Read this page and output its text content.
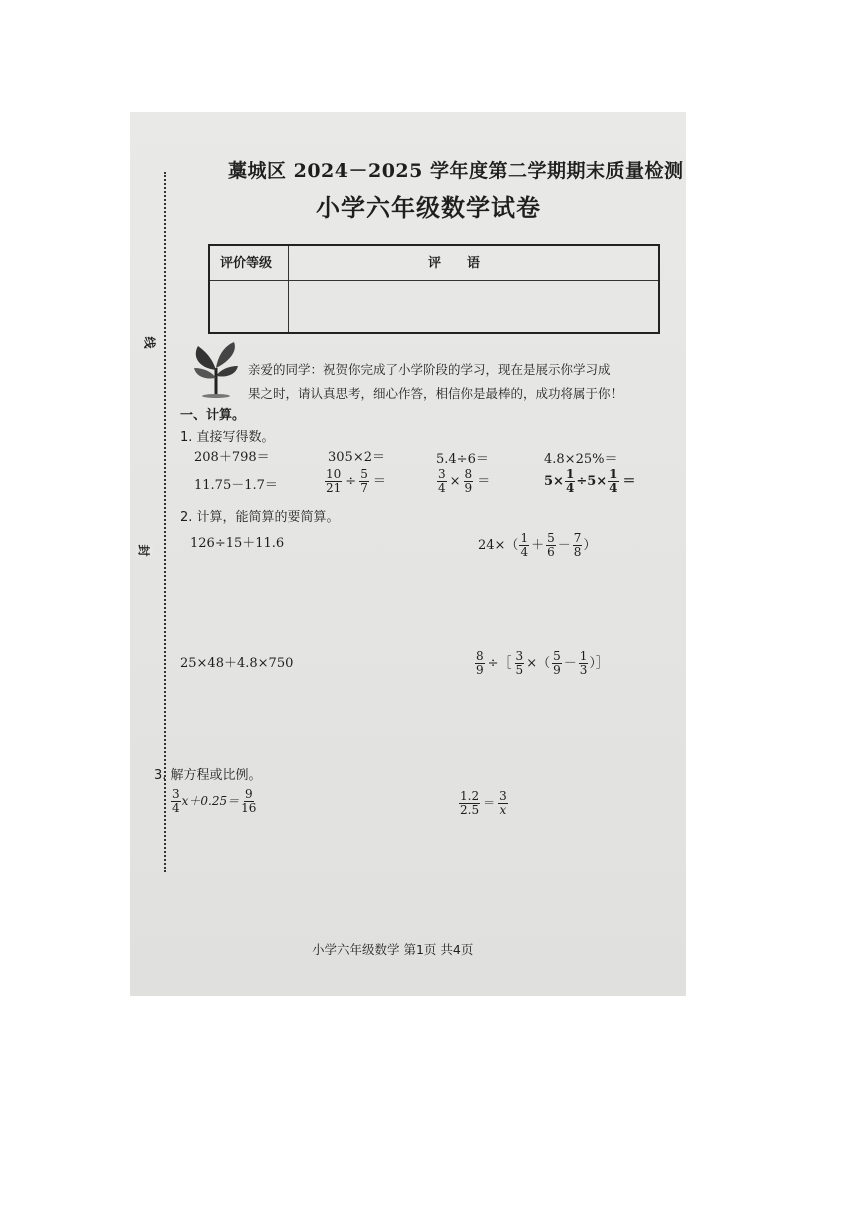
线
封
藁城区 2024－2025 学年度第二学期期末质量检测
小学六年级数学试卷
评价等级	评语
亲爱的同学：祝贺你完成了小学阶段的学习，现在是展示你学习成
果之时，请认真思考，细心作答，相信你是最棒的，成功将属于你！
一、计算。
1. 直接写得数。
208＋798＝	305×2＝	5.4÷6＝	4.8×25%＝
11.75－1.7＝	$\frac{10}{21} \div \frac{5}{7}$ ＝	$\frac{3}{4} \times \frac{8}{9}$ ＝	$5\times \frac{1}{4} \div 5\times \frac{1}{4}$ ＝
2. 计算，能简算的要简算。
126÷15＋11.6	$24\times( \frac{1}{4} + \frac{5}{6} - \frac{7}{8}$ ）
25×48＋4.8×750	$\frac{8}{9}$ ÷［ $\frac{3}{5}$ ×（ $\frac{5}{9} - \frac{1}{3}$ ）］
3. 解方程或比例。
$\frac{3}{4} x+0.25= \frac{9}{16}$	$\frac{1.2}{2.5} = \frac{3}{x}$
小学六年级数学 第1页 共4页
